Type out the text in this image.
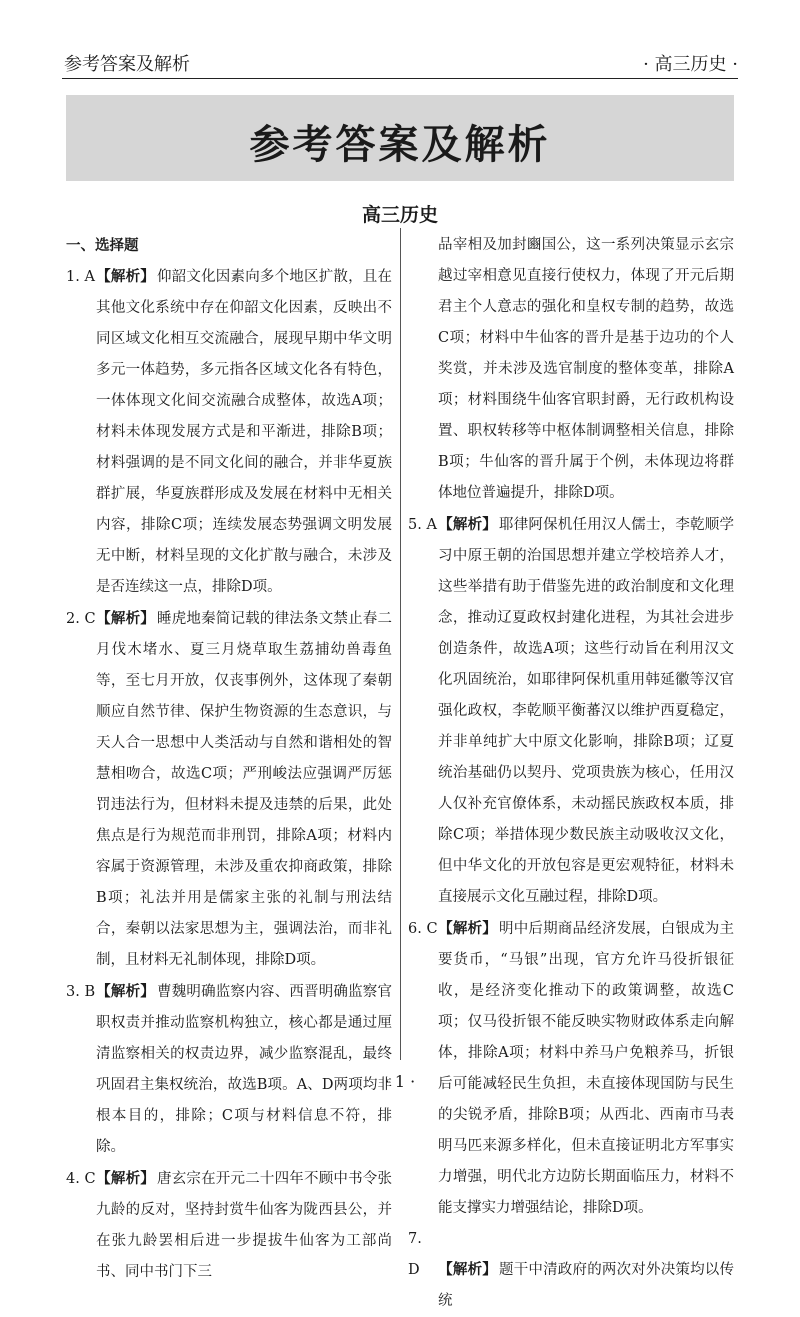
参考答案及解析	· 高三历史 ·
参考答案及解析
高三历史
一、选择题
1. A【解析】 仰韶文化因素向多个地区扩散，且在其他文化系统中存在仰韶文化因素，反映出不同区域文化相互交流融合，展现早期中华文明多元一体趋势，多元指各区域文化各有特色，一体体现文化间交流融合成整体，故选A项；材料未体现发展方式是和平渐进，排除B项；材料强调的是不同文化间的融合，并非华夏族群扩展，华夏族群形成及发展在材料中无相关内容，排除C项；连续发展态势强调文明发展无中断，材料呈现的文化扩散与融合，未涉及是否连续这一点，排除D项。
2. C【解析】 睡虎地秦简记载的律法条文禁止春二月伐木堵水、夏三月烧草取生荔捕幼兽毒鱼等，至七月开放，仅丧事例外，这体现了秦朝顺应自然节律、保护生物资源的生态意识，与天人合一思想中人类活动与自然和谐相处的智慧相吻合，故选C项；严刑峻法应强调严厉惩罚违法行为，但材料未提及违禁的后果，此处焦点是行为规范而非刑罚，排除A项；材料内容属于资源管理，未涉及重农抑商政策，排除B项；礼法并用是儒家主张的礼制与刑法结合，秦朝以法家思想为主，强调法治，而非礼制，且材料无礼制体现，排除D项。
3. B【解析】 曹魏明确监察内容、西晋明确监察官职权责并推动监察机构独立，核心都是通过厘清监察相关的权责边界，减少监察混乱，最终巩固君主集权统治，故选B项。A、D两项均非根本目的，排除；C项与材料信息不符，排除。
4. C【解析】 唐玄宗在开元二十四年不顾中书令张九龄的反对，坚持封赏牛仙客为陇西县公，并在张九龄罢相后进一步提拔牛仙客为工部尚书、同中书门下三
品宰相及加封豳国公，这一系列决策显示玄宗越过宰相意见直接行使权力，体现了开元后期君主个人意志的强化和皇权专制的趋势，故选C项；材料中牛仙客的晋升是基于边功的个人奖赏，并未涉及选官制度的整体变革，排除A项；材料围绕牛仙客官职封爵，无行政机构设置、职权转移等中枢体制调整相关信息，排除B项；牛仙客的晋升属于个例，未体现边将群体地位普遍提升，排除D项。
5. A【解析】 耶律阿保机任用汉人儒士，李乾顺学习中原王朝的治国思想并建立学校培养人才，这些举措有助于借鉴先进的政治制度和文化理念，推动辽夏政权封建化进程，为其社会进步创造条件，故选A项；这些行动旨在利用汉文化巩固统治，如耶律阿保机重用韩延徽等汉官强化政权，李乾顺平衡蕃汉以维护西夏稳定，并非单纯扩大中原文化影响，排除B项；辽夏统治基础仍以契丹、党项贵族为核心，任用汉人仅补充官僚体系，未动摇民族政权本质，排除C项；举措体现少数民族主动吸收汉文化，但中华文化的开放包容是更宏观特征，材料未直接展示文化互融过程，排除D项。
6. C【解析】 明中后期商品经济发展，白银成为主要货币，“马银”出现，官方允许马役折银征收，是经济变化推动下的政策调整，故选C项；仅马役折银不能反映实物财政体系走向解体，排除A项；材料中养马户免粮养马，折银后可能减轻民生负担，未直接体现国防与民生的尖锐矛盾，排除B项；从西北、西南市马表明马匹来源多样化，但未直接证明北方军事实力增强，明代北方边防长期面临压力，材料不能支撑实力增强结论，排除D项。
7. D 【解析】 题干中清政府的两次对外决策均以传统
· 1 ·
